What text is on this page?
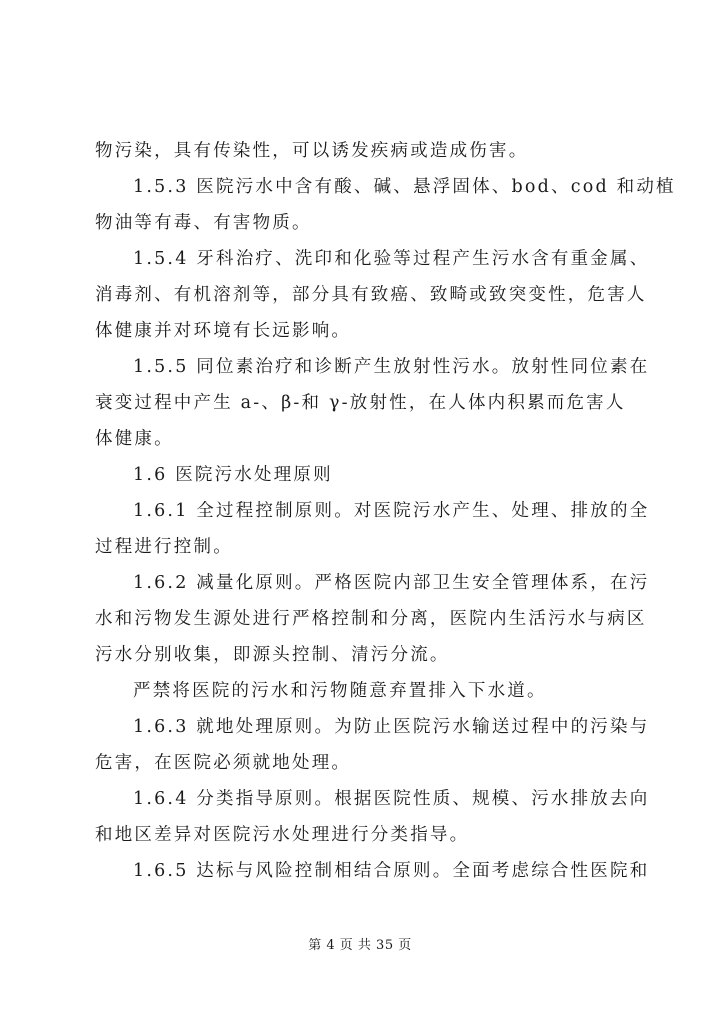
物污染，具有传染性，可以诱发疾病或造成伤害。
1.5.3 医院污水中含有酸、碱、悬浮固体、bod、cod 和动植
物油等有毒、有害物质。
1.5.4 牙科治疗、洗印和化验等过程产生污水含有重金属、
消毒剂、有机溶剂等，部分具有致癌、致畸或致突变性，危害人
体健康并对环境有长远影响。
1.5.5 同位素治疗和诊断产生放射性污水。放射性同位素在
衰变过程中产生 a-、β-和 γ-放射性，在人体内积累而危害人
体健康。
1.6 医院污水处理原则
1.6.1 全过程控制原则。对医院污水产生、处理、排放的全
过程进行控制。
1.6.2 减量化原则。严格医院内部卫生安全管理体系，在污
水和污物发生源处进行严格控制和分离，医院内生活污水与病区
污水分别收集，即源头控制、清污分流。
严禁将医院的污水和污物随意弃置排入下水道。
1.6.3 就地处理原则。为防止医院污水输送过程中的污染与
危害，在医院必须就地处理。
1.6.4 分类指导原则。根据医院性质、规模、污水排放去向
和地区差异对医院污水处理进行分类指导。
1.6.5 达标与风险控制相结合原则。全面考虑综合性医院和
第 4 页 共 35 页
